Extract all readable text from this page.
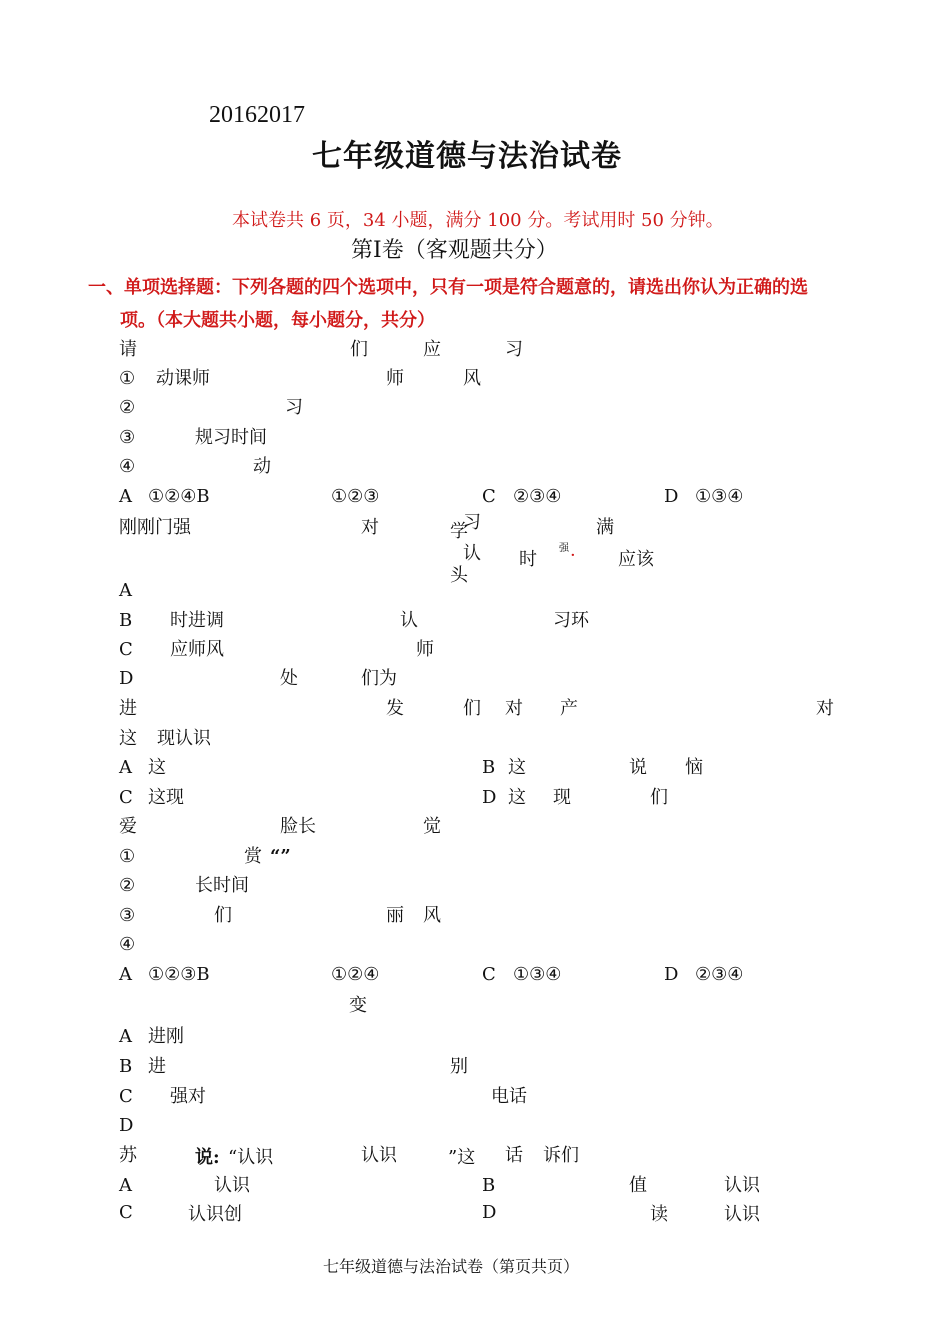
20162017
七年级道德与法治试卷
本试卷共 6 页，34 小题，满分 100 分。考试用时 50 分钟。
第Ⅰ卷（客观题共分）
一、单项选择题：下列各题的四个选项中，只有一项是符合题意的，请选出你认为正确的选
项。（本大题共小题，每小题分，共分）
请	们	应	习
① 动课师	师	风
②	习
③	规习时间
④	动
A ①②④B	①②③	C ②③④	D ①③④
刚刚门强	对	习	满
学
认 时
强 · 应该
头
A
B 时进调	认	习环
C 应师风	师
D	处	们为
进	发	们 对 产	对
这 现认识
A 这	B 这	说 恼
C 这现	D 这 现	们
爱	脸长	觉
①	赏 “”
②	长时间
③	们	丽 风
④
A ①②③B	①②④	C ①③④	D ②③④
变
A 进刚
B 进	别
C 强对	电话
D
苏	说: “认识	认识	”这 话 诉们
A	认识	B	值	认识
C	认识创	D	读	认识
七年级道德与法治试卷（第页共页）
